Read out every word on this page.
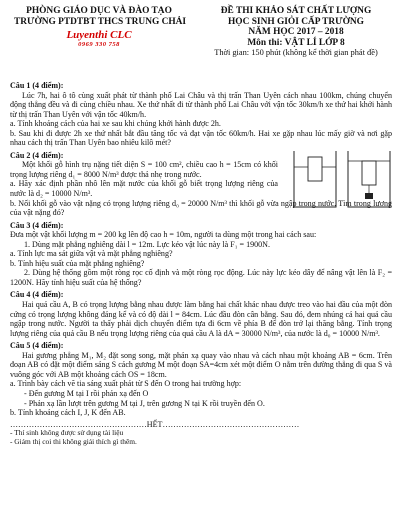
PHÒNG GIÁO DỤC VÀ ĐÀO TẠO
TRƯỜNG PTDTBT THCS TRUNG CHẢI
Luyenthi CLC
0969 330 758
ĐỀ THI KHẢO SÁT CHẤT LƯỢNG
HỌC SINH GIỎI CẤP TRƯỜNG
NĂM HỌC 2017 – 2018
Môn thi: VẬT LÍ LỚP 8
Thời gian: 150 phút (không kể thời gian phát đề)
Câu 1 (4 điểm):
Lúc 7h, hai ô tô cùng xuất phát từ thành phố Lai Châu và thị trấn Than Uyên cách nhau 100km, chúng chuyển động thẳng đều và đi cùng chiều nhau. Xe thứ nhất đi từ thành phố Lai Châu với vận tốc 30km/h xe thứ hai khởi hành từ thị trấn Than Uyên với vận tốc 40km/h.
a. Tính khoảng cách của hai xe sau khi chúng khởi hành được 2h.
b. Sau khi đi được 2h xe thứ nhất bắt đầu tăng tốc và đạt vận tốc 60km/h. Hai xe gặp nhau lúc mấy giờ và nơi gặp nhau cách thị trấn Than Uyên bao nhiêu kilô mét?
Câu 2 (4 điểm):
Một khối gỗ hình trụ nặng tiết diện S = 100 cm², chiều cao h = 15cm có khối trọng lượng riêng d₁ = 8000 N/m³ được thả nhẹ trong nước.
a. Hãy xác định phần nhô lên mặt nước của khối gỗ biết trọng lượng riêng của nước là d₂ = 10000 N/m³.
b. Nối khối gỗ vào vật nặng có trọng lượng riêng d₀ = 20000 N/m³ thì khối gỗ vừa ngập trong nước. Tìm trọng lượng của vật nặng đó?
Câu 3 (4 điểm):
Đưa một vật khối lượng m = 200 kg lên độ cao h = 10m, người ta dùng một trong hai cách sau:
1. Dùng mặt phẳng nghiêng dài l = 12m. Lực kéo vật lúc này là F₁ = 1900N.
a. Tính lực ma sát giữa vật và mặt phẳng nghiêng?
b. Tính hiệu suất của mặt phẳng nghiêng?
2. Dùng hệ thống gồm một ròng rọc cố định và một ròng rọc động. Lúc này lực kéo dây để nâng vật lên là F₂ = 1200N. Hãy tính hiệu suất của hệ thống?
Câu 4 (4 điểm):
Hai quả cầu A, B có trọng lượng bằng nhau được làm bằng hai chất khác nhau được treo vào hai đầu của một đòn cứng có trọng lượng không đáng kể và có độ dài l = 84cm. Lúc đầu đòn cân bằng. Sau đó, đem nhúng cả hai quả cầu ngập trong nước. Người ta thấy phải dịch chuyển điểm tựa đi 6cm về phía B để đòn trở lại thăng bằng. Tính trọng lượng riêng của quả cầu B nếu trọng lượng riêng của quả cầu A là dA = 30000 N/m³, của nước là d₀ = 10000 N/m³.
Câu 5 (4 điểm):
Hai gương phẳng M₁, M₂ đặt song song, mặt phản xạ quay vào nhau và cách nhau một khoảng AB = 6cm. Trên đoạn AB có đặt một điểm sáng S cách gương M một đoạn SA=4cm xét một điểm O nằm trên đường thẳng đi qua S và vuông góc với AB một khoảng cách OS = 18cm.
a. Trình bày cách vẽ tia sáng xuất phát từ S đến O trong hai trường hợp:
- Đến gương M tại I rồi phản xạ đến O
- Phản xạ lần lượt trên gương M tại J, trên gương N tại K rồi truyền đến O.
b. Tính khoảng cách I, J, K đến AB.
……………………………………………HẾT……………………………………………
- Thí sinh không được sử dụng tài liệu
- Giám thị coi thi không giải thích gì thêm.
